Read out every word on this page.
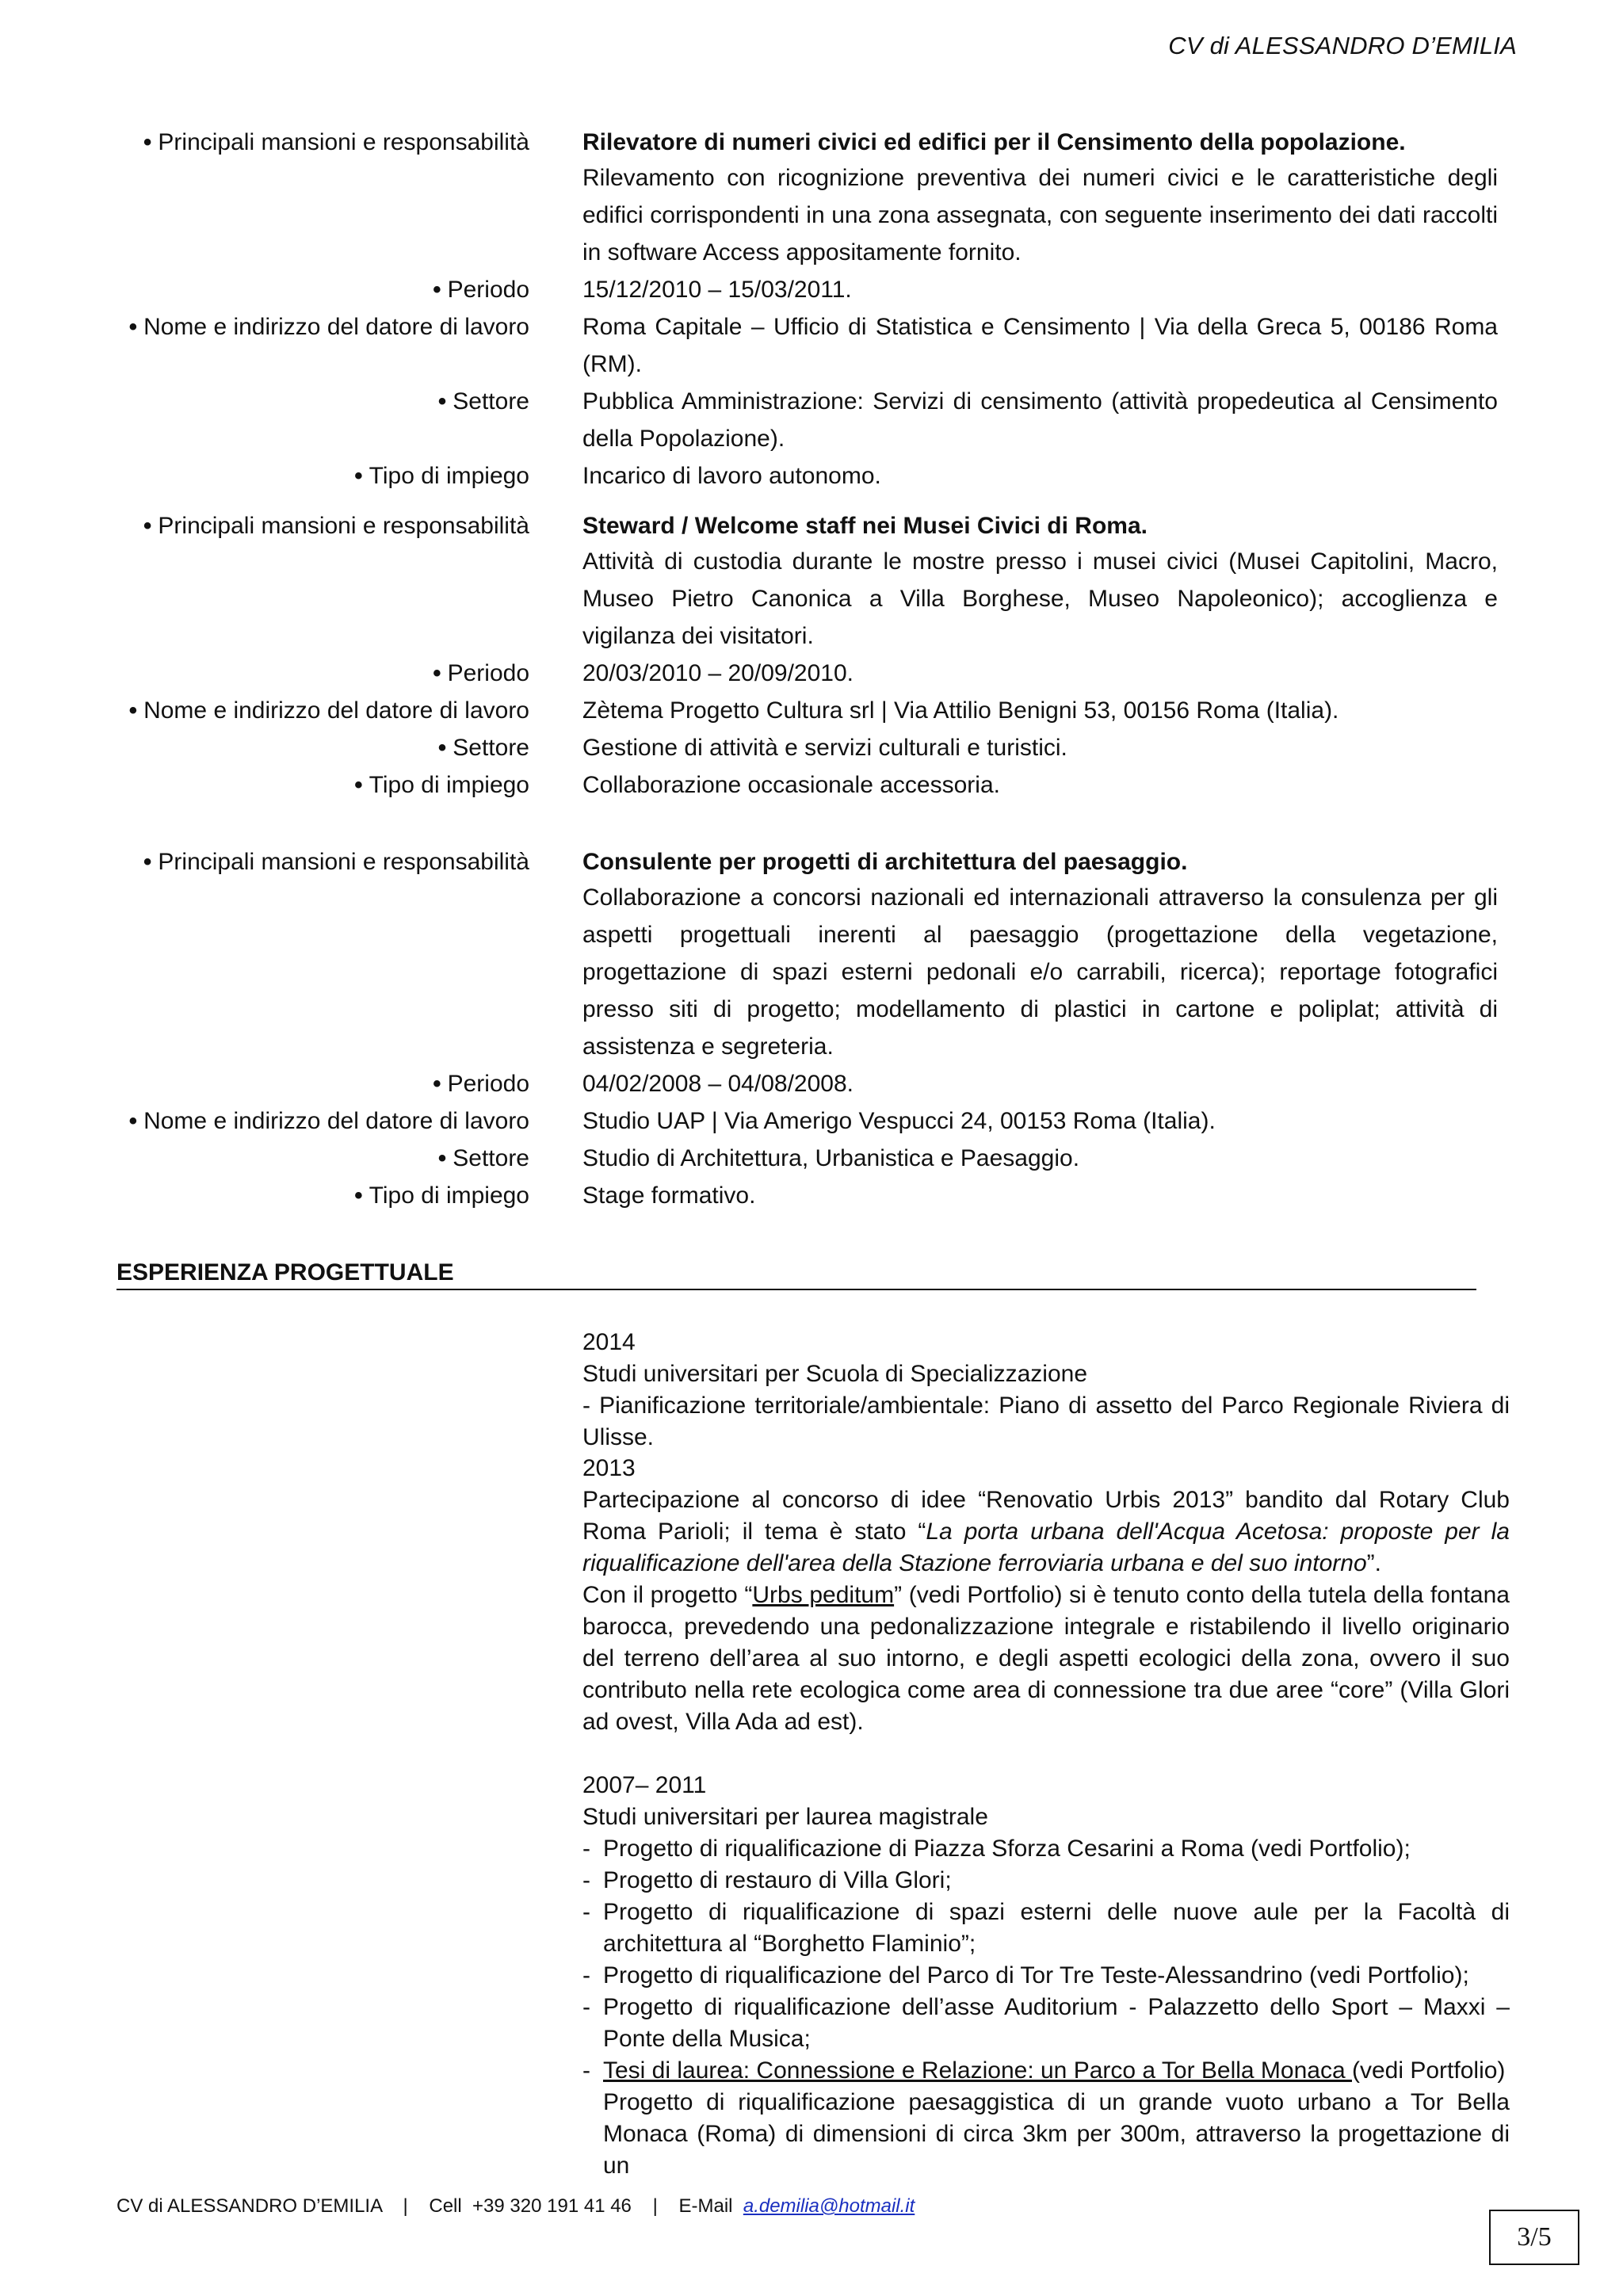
CV di ALESSANDRO D’EMILIA
• Principali mansioni e responsabilità Rilevatore di numeri civici ed edifici per il Censimento della popolazione.
Rilevamento con ricognizione preventiva dei numeri civici e le caratteristiche degli edifici corrispondenti in una zona assegnata, con seguente inserimento dei dati raccolti in software Access appositamente fornito.
• Periodo 15/12/2010 – 15/03/2011.
• Nome e indirizzo del datore di lavoro Roma Capitale – Ufficio di Statistica e Censimento | Via della Greca 5, 00186 Roma (RM).
• Settore Pubblica Amministrazione: Servizi di censimento (attività propedeutica al Censimento della Popolazione).
• Tipo di impiego Incarico di lavoro autonomo.
• Principali mansioni e responsabilità Steward / Welcome staff nei Musei Civici di Roma.
Attività di custodia durante le mostre presso i musei civici (Musei Capitolini, Macro, Museo Pietro Canonica a Villa Borghese, Museo Napoleonico); accoglienza e vigilanza dei visitatori.
• Periodo 20/03/2010 – 20/09/2010.
• Nome e indirizzo del datore di lavoro Zètema Progetto Cultura srl | Via Attilio Benigni 53, 00156 Roma (Italia).
• Settore Gestione di attività e servizi culturali e turistici.
• Tipo di impiego Collaborazione occasionale accessoria.
• Principali mansioni e responsabilità Consulente per progetti di architettura del paesaggio.
Collaborazione a concorsi nazionali ed internazionali attraverso la consulenza per gli aspetti progettuali inerenti al paesaggio (progettazione della vegetazione, progettazione di spazi esterni pedonali e/o carrabili, ricerca); reportage fotografici presso siti di progetto; modellamento di plastici in cartone e poliplat; attività di assistenza e segreteria.
• Periodo 04/02/2008 – 04/08/2008.
• Nome e indirizzo del datore di lavoro Studio UAP | Via Amerigo Vespucci 24, 00153 Roma (Italia).
• Settore Studio di Architettura, Urbanistica e Paesaggio.
• Tipo di impiego Stage formativo.
ESPERIENZA PROGETTUALE

2014

Studi universitari per Scuola di Specializzazione

- Pianificazione territoriale/ambientale: Piano di assetto del Parco Regionale Riviera di Ulisse.

2013

Partecipazione al concorso di idee “Renovatio Urbis 2013” bandito dal Rotary Club Roma Parioli; il tema è stato “La porta urbana dell'Acqua Acetosa: proposte per la riqualificazione dell'area della Stazione ferroviaria urbana e del suo intorno”.

Con il progetto “Urbs peditum” (vedi Portfolio) si è tenuto conto della tutela della fontana barocca, prevedendo una pedonalizzazione integrale e ristabilendo il livello originario del terreno dell’area al suo intorno, e degli aspetti ecologici della zona, ovvero il suo contributo nella rete ecologica come area di connessione tra due aree “core” (Villa Glori ad ovest, Villa Ada ad est).

2007– 2011

Studi universitari per laurea magistrale

- Progetto di riqualificazione di Piazza Sforza Cesarini a Roma (vedi Portfolio);

- Progetto di restauro di Villa Glori;

- Progetto di riqualificazione di spazi esterni delle nuove aule per la Facoltà di architettura al “Borghetto Flaminio”;

- Progetto di riqualificazione del Parco di Tor Tre Teste-Alessandrino (vedi Portfolio);

- Progetto di riqualificazione dell’asse Auditorium - Palazzetto dello Sport – Maxxi – Ponte della Musica;

- Tesi di laurea: Connessione e Relazione: un Parco a Tor Bella Monaca (vedi Portfolio)

Progetto di riqualificazione paesaggistica di un grande vuoto urbano a Tor Bella Monaca (Roma) di dimensioni di circa 3km per 300m, attraverso la progettazione di un

CV di ALESSANDRO D’EMILIA | Cell  +39 320 191 41 46 | E-Mail a.demilia@hotmail.it
3/5
